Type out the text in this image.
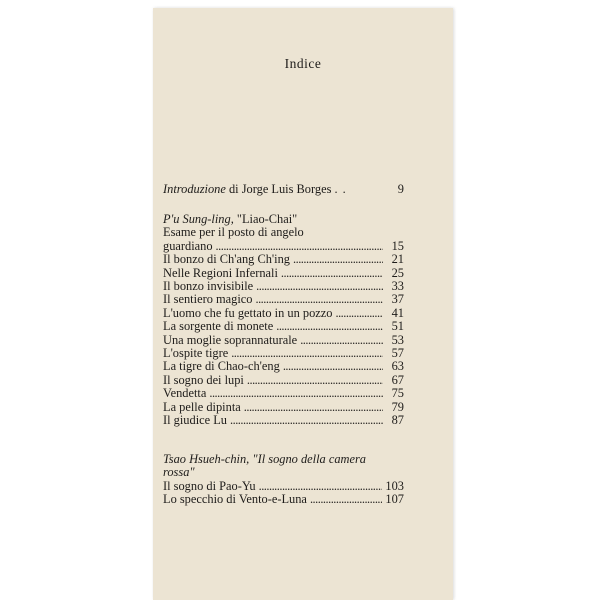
Indice
Introduzione di Jorge Luis Borges . .	9
P'u Sung-ling, "Liao-Chai"
Esame per il posto di angelo
guardiano . . .	15
Il bonzo di Ch'ang Ch'ing . . .	21
Nelle Regioni Infernali . . .	25
Il bonzo invisibile . . .	33
Il sentiero magico . . .	37
L'uomo che fu gettato in un pozzo . . .	41
La sorgente di monete . . .	51
Una moglie soprannaturale . . .	53
L'ospite tigre . . .	57
La tigre di Chao-ch'eng . . .	63
Il sogno dei lupi . . .	67
Vendetta . . .	75
La pelle dipinta . . .	79
Il giudice Lu . . .	87
Tsao Hsueh-chin, "Il sogno della camera
rossa"
Il sogno di Pao-Yu . . .	103
Lo specchio di Vento-e-Luna . . .	107
